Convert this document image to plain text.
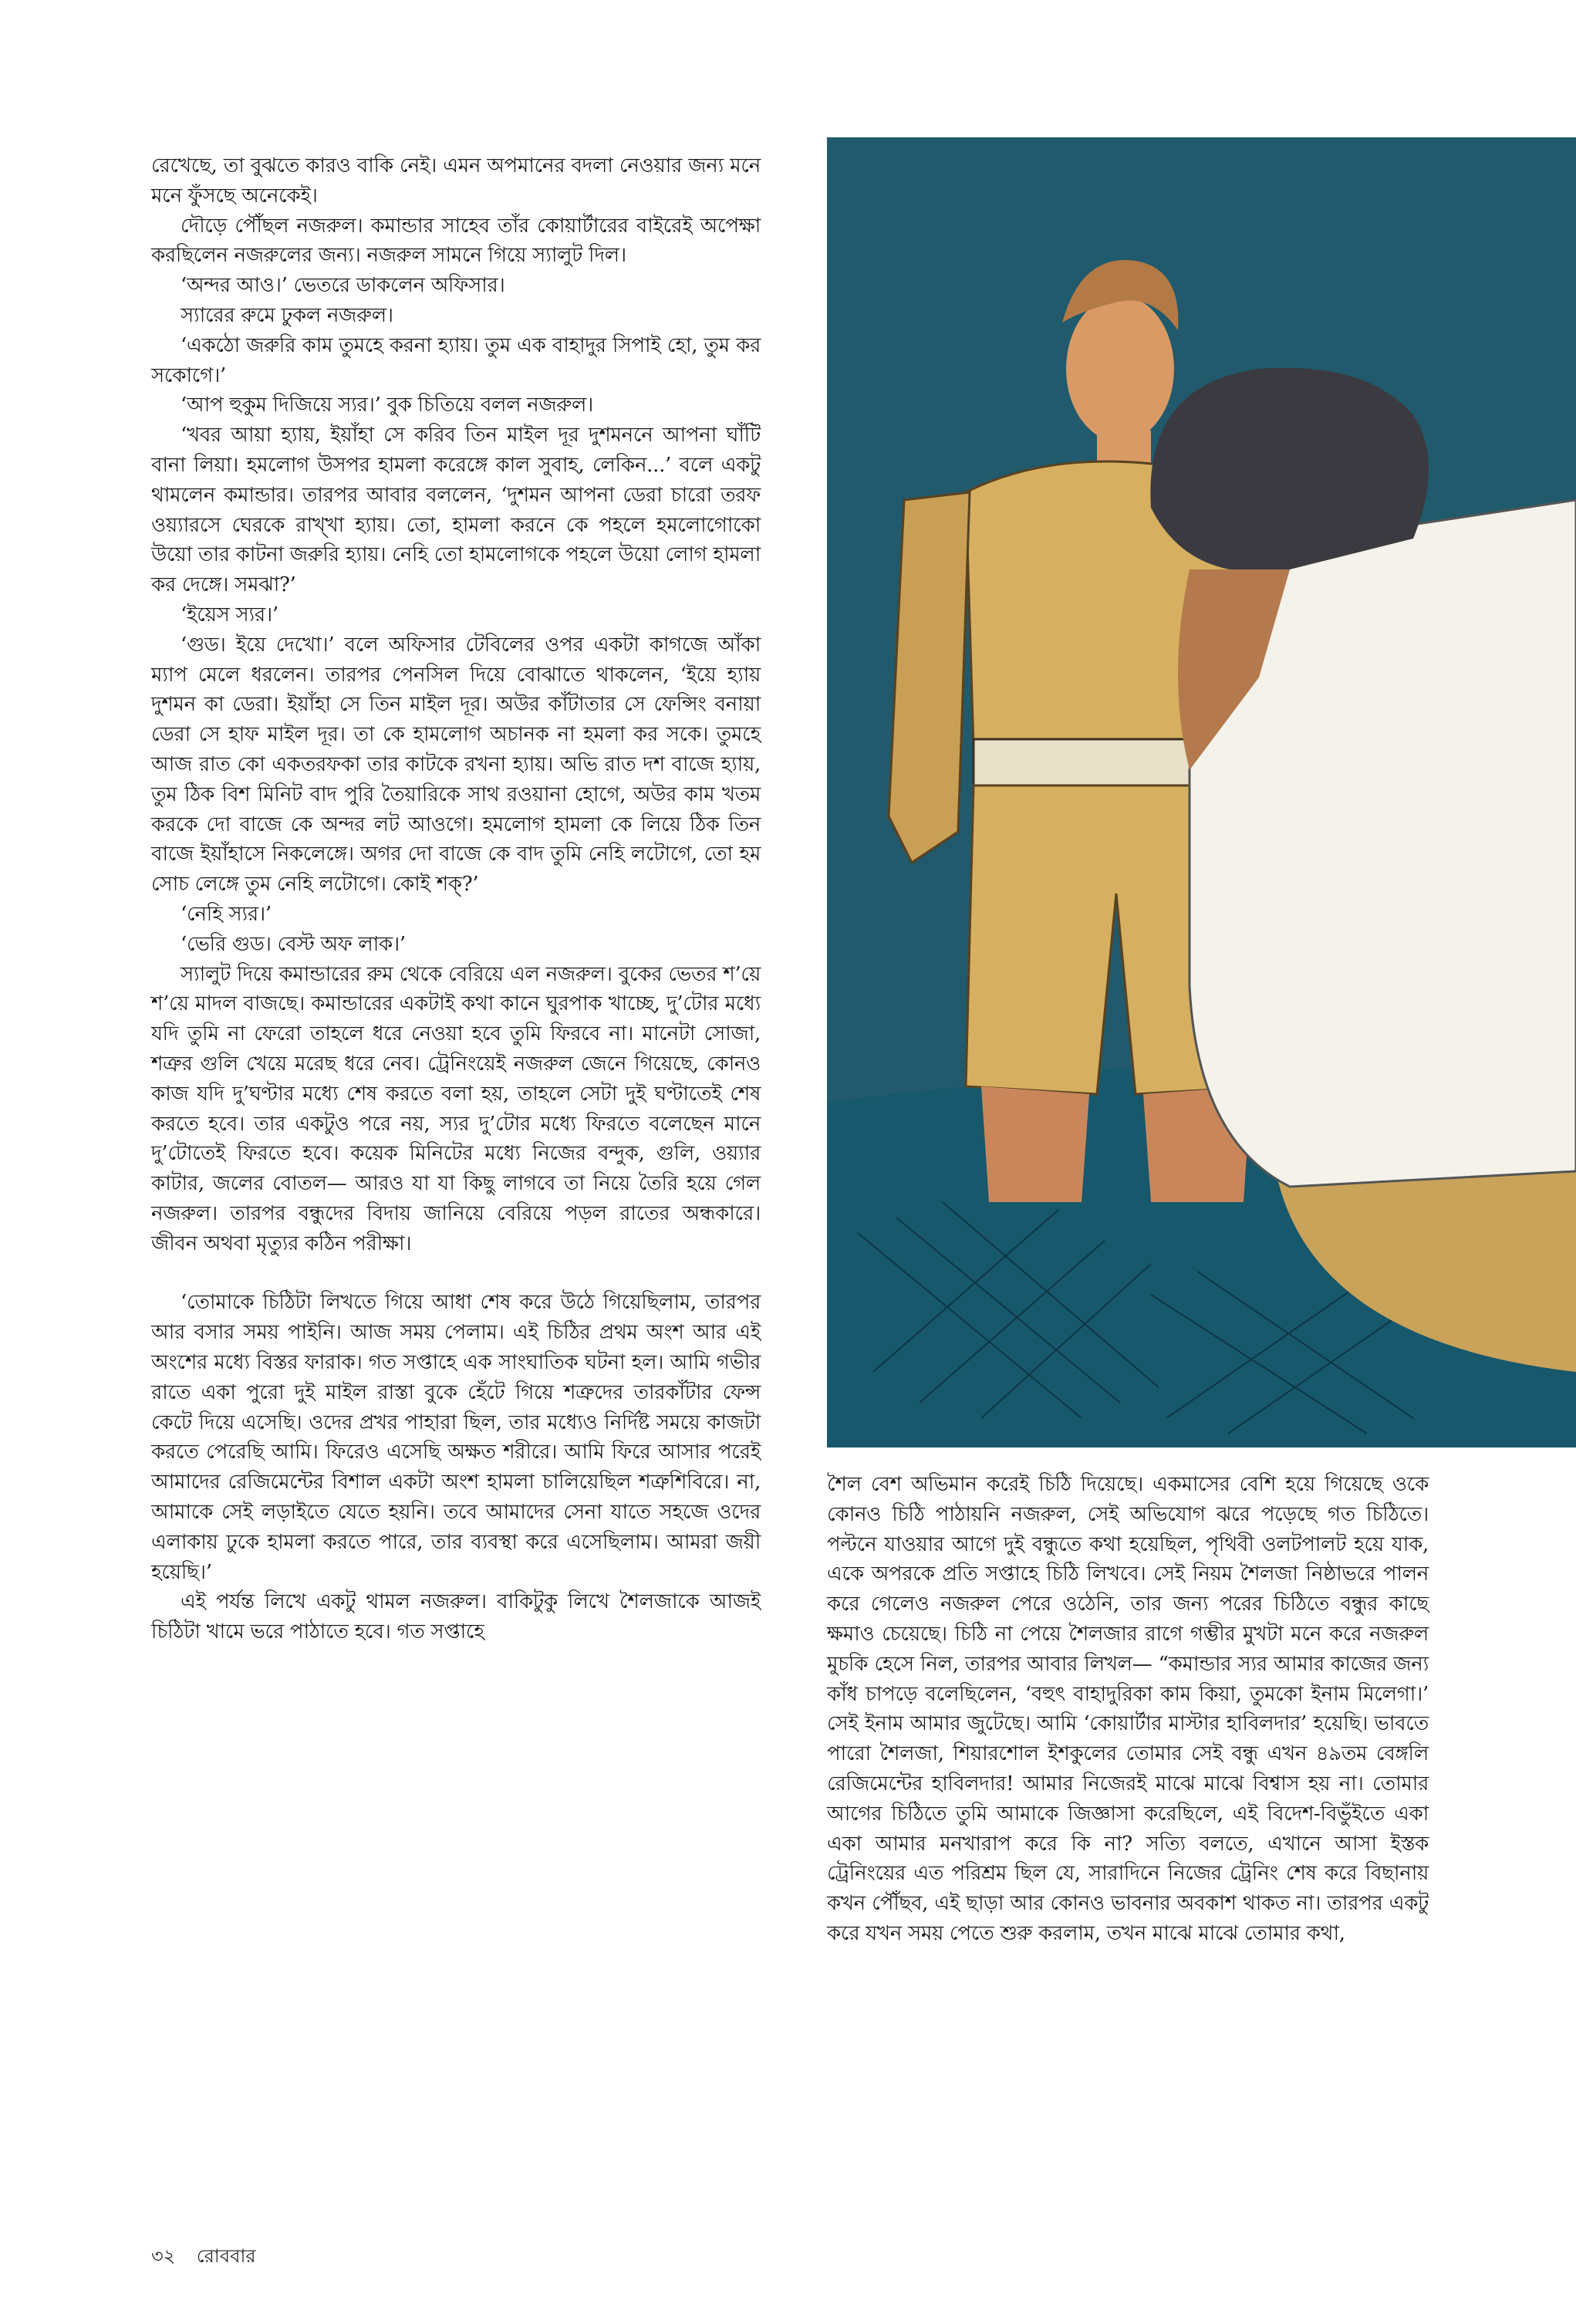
রেখেছে, তা বুঝতে কারও বাকি নেই। এমন অপমানের বদলা নেওয়ার জন্য মনে মনে ফুঁসছে অনেকেই।

দৌড়ে পৌঁছল নজরুল। কমান্ডার সাহেব তাঁর কোয়ার্টারের বাইরেই অপেক্ষা করছিলেন নজরুলের জন্য। নজরুল সামনে গিয়ে স্যালুট দিল।

‘অন্দর আও।’ ভেতরে ডাকলেন অফিসার।

স্যারের রুমে ঢুকল নজরুল।

‘একঠো জরুরি কাম তুমহে করনা হ্যায়। তুম এক বাহাদুর সিপাই হো, তুম কর সকোগে।’

‘আপ হুকুম দিজিয়ে স্যর।’ বুক চিতিয়ে বলল নজরুল।

‘খবর আয়া হ্যায়, ইয়াঁহা সে করিব তিন মাইল দূর দুশমননে আপনা ঘাঁটি বানা লিয়া। হমলোগ উসপর হামলা করেঙ্গে কাল সুবাহ, লেকিন...’ বলে একটু থামলেন কমান্ডার। তারপর আবার বললেন, ‘দুশমন আপনা ডেরা চারো তরফ ওয়্যারসে ঘেরকে রাখ্খা হ্যায়। তো, হামলা করনে কে পহলে হমলোগোকো উয়ো তার কাটনা জরুরি হ্যায়। নেহি তো হামলোগকে পহলে উয়ো লোগ হামলা কর দেঙ্গে। সমঝা?’

‘ইয়েস স্যর।’

‘গুড। ইয়ে দেখো।’ বলে অফিসার টেবিলের ওপর একটা কাগজে আঁকা ম্যাপ মেলে ধরলেন। তারপর পেনসিল দিয়ে বোঝাতে থাকলেন, ‘ইয়ে হ্যায় দুশমন কা ডেরা। ইয়াঁহা সে তিন মাইল দূর। অউর কাঁটাতার সে ফেন্সিং বনায়া ডেরা সে হাফ মাইল দূর। তা কে হামলোগ অচানক না হমলা কর সকে। তুমহে আজ রাত কো একতরফকা তার কাটকে রখনা হ্যায়। অভি রাত দশ বাজে হ্যায়, তুম ঠিক বিশ মিনিট বাদ পুরি তৈয়ারিকে সাথ রওয়ানা হোগে, অউর কাম খতম করকে দো বাজে কে অন্দর লট আওগে। হমলোগ হামলা কে লিয়ে ঠিক তিন বাজে ইয়াঁহাসে নিকলেঙ্গে। অগর দো বাজে কে বাদ তুমি নেহি লটোগে, তো হম সোচ লেঙ্গে তুম নেহি লটোগে। কোই শক্?’

‘নেহি স্যর।’

‘ভেরি গুড। বেস্ট অফ লাক।’

স্যালুট দিয়ে কমান্ডারের রুম থেকে বেরিয়ে এল নজরুল। বুকের ভেতর শ’য়ে শ’য়ে মাদল বাজছে। কমান্ডারের একটাই কথা কানে ঘুরপাক খাচ্ছে, দু’টোর মধ্যে যদি তুমি না ফেরো তাহলে ধরে নেওয়া হবে তুমি ফিরবে না। মানেটা সোজা, শত্রুর গুলি খেয়ে মরেছ ধরে নেব। ট্রেনিংয়েই নজরুল জেনে গিয়েছে, কোনও কাজ যদি দু’ঘণ্টার মধ্যে শেষ করতে বলা হয়, তাহলে সেটা দুই ঘণ্টাতেই শেষ করতে হবে। তার একটুও পরে নয়, স্যর দু’টোর মধ্যে ফিরতে বলেছেন মানে দু’টোতেই ফিরতে হবে। কয়েক মিনিটের মধ্যে নিজের বন্দুক, গুলি, ওয়্যার কাটার, জলের বোতল— আরও যা যা কিছু লাগবে তা নিয়ে তৈরি হয়ে গেল নজরুল। তারপর বন্ধুদের বিদায় জানিয়ে বেরিয়ে পড়ল রাতের অন্ধকারে। জীবন অথবা মৃত্যুর কঠিন পরীক্ষা।

‘তোমাকে চিঠিটা লিখতে গিয়ে আধা শেষ করে উঠে গিয়েছিলাম, তারপর আর বসার সময় পাইনি। আজ সময় পেলাম। এই চিঠির প্রথম অংশ আর এই অংশের মধ্যে বিস্তর ফারাক। গত সপ্তাহে এক সাংঘাতিক ঘটনা হল। আমি গভীর রাতে একা পুরো দুই মাইল রাস্তা বুকে হেঁটে গিয়ে শত্রুদের তারকাঁটার ফেন্স কেটে দিয়ে এসেছি। ওদের প্রখর পাহারা ছিল, তার মধ্যেও নির্দিষ্ট সময়ে কাজটা করতে পেরেছি আমি। ফিরেও এসেছি অক্ষত শরীরে। আমি ফিরে আসার পরেই আমাদের রেজিমেন্টের বিশাল একটা অংশ হামলা চালিয়েছিল শত্রুশিবিরে। না, আমাকে সেই লড়াইতে যেতে হয়নি। তবে আমাদের সেনা যাতে সহজে ওদের এলাকায় ঢুকে হামলা করতে পারে, তার ব্যবস্থা করে এসেছিলাম। আমরা জয়ী হয়েছি।’

এই পর্যন্ত লিখে একটু থামল নজরুল। বাকিটুকু লিখে শৈলজাকে আজই চিঠিটা খামে ভরে পাঠাতে হবে। গত সপ্তাহে

শৈল বেশ অভিমান করেই চিঠি দিয়েছে। একমাসের বেশি হয়ে গিয়েছে ওকে কোনও চিঠি পাঠায়নি নজরুল, সেই অভিযোগ ঝরে পড়েছে গত চিঠিতে। পল্টনে যাওয়ার আগে দুই বন্ধুতে কথা হয়েছিল, পৃথিবী ওলটপালট হয়ে যাক, একে অপরকে প্রতি সপ্তাহে চিঠি লিখবে। সেই নিয়ম শৈলজা নিষ্ঠাভরে পালন করে গেলেও নজরুল পেরে ওঠেনি, তার জন্য পরের চিঠিতে বন্ধুর কাছে ক্ষমাও চেয়েছে। চিঠি না পেয়ে শৈলজার রাগে গম্ভীর মুখটা মনে করে নজরুল মুচকি হেসে নিল, তারপর আবার লিখল— “কমান্ডার স্যর আমার কাজের জন্য কাঁধ চাপড়ে বলেছিলেন, ‘বহুৎ বাহাদুরিকা কাম কিয়া, তুমকো ইনাম মিলেগা।’ সেই ইনাম আমার জুটেছে। আমি ‘কোয়ার্টার মাস্টার হাবিলদার’ হয়েছি। ভাবতে পারো শৈলজা, শিয়ারশোল ইশকুলের তোমার সেই বন্ধু এখন ৪৯তম বেঙ্গলি রেজিমেন্টের হাবিলদার! আমার নিজেরই মাঝে মাঝে বিশ্বাস হয় না। তোমার আগের চিঠিতে তুমি আমাকে জিজ্ঞাসা করেছিলে, এই বিদেশ-বিভুঁইতে একা একা আমার মনখারাপ করে কি না? সত্যি বলতে, এখানে আসা ইস্তক ট্রেনিংয়ের এত পরিশ্রম ছিল যে, সারাদিনে নিজের ট্রেনিং শেষ করে বিছানায় কখন পৌঁছব, এই ছাড়া আর কোনও ভাবনার অবকাশ থাকত না। তারপর একটু করে যখন সময় পেতে শুরু করলাম, তখন মাঝে মাঝে তোমার কথা,

৩২ রোববার
